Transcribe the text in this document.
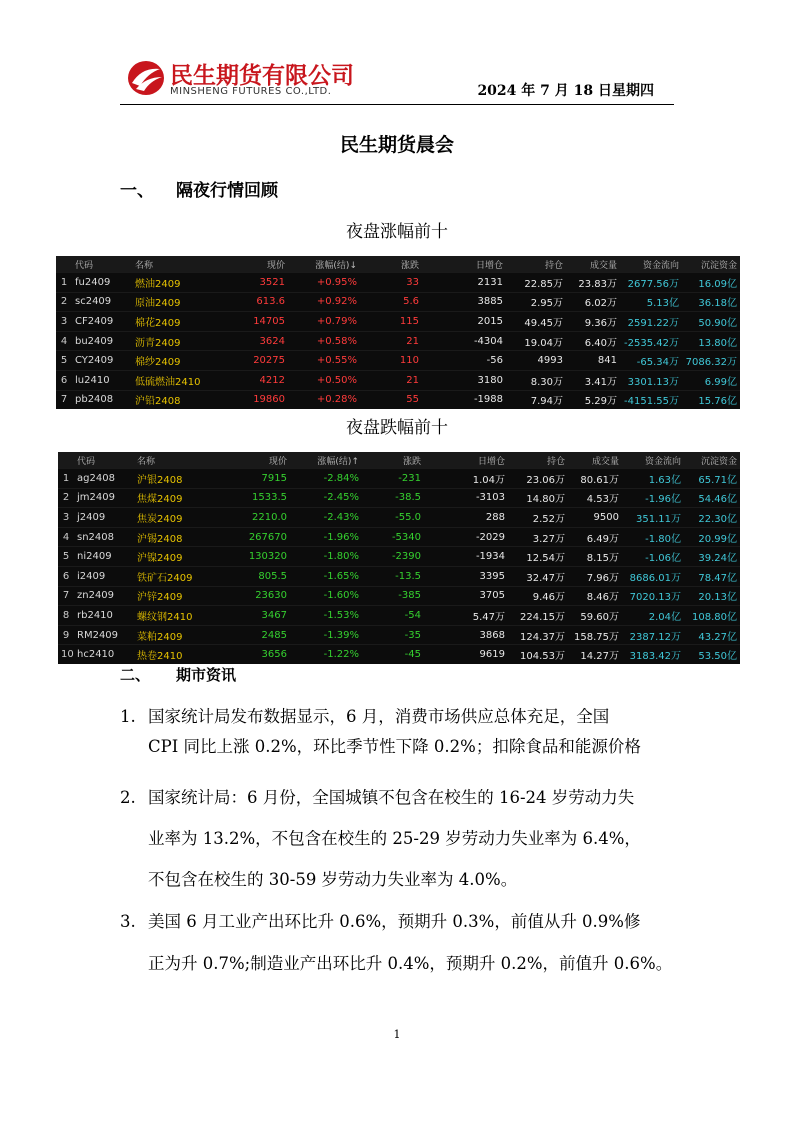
民生期货有限公司
MINSHENG FUTURES CO.,LTD.	2024 年 7 月 18 日星期四
民生期货晨会
一、 隔夜行情回顾
夜盘涨幅前十
	代码	名称	现价	涨幅(结)↓	涨跌	日增仓	持仓	成交量	资金流向	沉淀资金
1	fu2409	燃油2409	3521	+0.95%	33	2131	22.85万	23.83万	2677.56万	16.09亿
2	sc2409	原油2409	613.6	+0.92%	5.6	3885	2.95万	6.02万	5.13亿	36.18亿
3	CF2409	棉花2409	14705	+0.79%	115	2015	49.45万	9.36万	2591.22万	50.90亿
4	bu2409	沥青2409	3624	+0.58%	21	-4304	19.04万	6.40万	-2535.42万	13.80亿
5	CY2409	棉纱2409	20275	+0.55%	110	-56	4993	841	-65.34万	7086.32万
6	lu2410	低硫燃油2410	4212	+0.50%	21	3180	8.30万	3.41万	3301.13万	6.99亿
7	pb2408	沪铅2408	19860	+0.28%	55	-1988	7.94万	5.29万	-4151.55万	15.76亿
夜盘跌幅前十
	代码	名称	现价	涨幅(结)↑	涨跌	日增仓	持仓	成交量	资金流向	沉淀资金
1	ag2408	沪银2408	7915	-2.84%	-231	1.04万	23.06万	80.61万	1.63亿	65.71亿
2	jm2409	焦煤2409	1533.5	-2.45%	-38.5	-3103	14.80万	4.53万	-1.96亿	54.46亿
3	j2409	焦炭2409	2210.0	-2.43%	-55.0	288	2.52万	9500	351.11万	22.30亿
4	sn2408	沪锡2408	267670	-1.96%	-5340	-2029	3.27万	6.49万	-1.80亿	20.99亿
5	ni2409	沪镍2409	130320	-1.80%	-2390	-1934	12.54万	8.15万	-1.06亿	39.24亿
6	i2409	铁矿石2409	805.5	-1.65%	-13.5	3395	32.47万	7.96万	8686.01万	78.47亿
7	zn2409	沪锌2409	23630	-1.60%	-385	3705	9.46万	8.46万	7020.13万	20.13亿
8	rb2410	螺纹钢2410	3467	-1.53%	-54	5.47万	224.15万	59.60万	2.04亿	108.80亿
9	RM2409	菜粕2409	2485	-1.39%	-35	3868	124.37万	158.75万	2387.12万	43.27亿
10	hc2410	热卷2410	3656	-1.22%	-45	9619	104.53万	14.27万	3183.42万	53.50亿
二、 期市资讯
1. 国家统计局发布数据显示，6 月，消费市场供应总体充足，全国
CPI 同比上涨 0.2%，环比季节性下降 0.2%；扣除食品和能源价格
2. 国家统计局：6 月份，全国城镇不包含在校生的 16-24 岁劳动力失
业率为 13.2%，不包含在校生的 25-29 岁劳动力失业率为 6.4%，
不包含在校生的 30-59 岁劳动力失业率为 4.0%。
3. 美国 6 月工业产出环比升 0.6%，预期升 0.3%，前值从升 0.9%修
正为升 0.7%;制造业产出环比升 0.4%，预期升 0.2%，前值升 0.6%。
1
